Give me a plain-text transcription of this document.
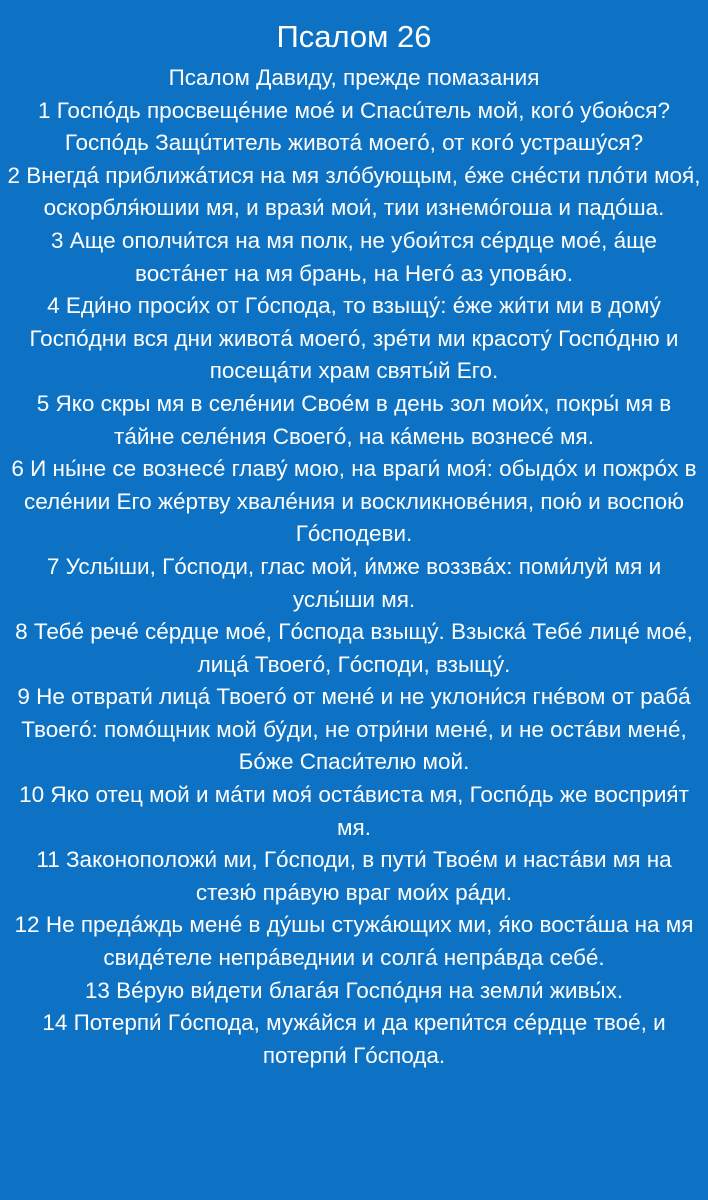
Псалом 26

Псалом Давиду, прежде помазания

1 Госпóдь просвещéние моé и Спасúтель мой, когó убою́ся? Госпóдь Защúтитель животá моегó, от когó устрашу́ся?

2 Внегдá приближáтися на мя злóбующым, éже снéсти плóти моя́, оскорбля́юшии мя, и врази́ мои́, тии изнемóгоша и падóша.

3 Аще ополчи́тся на мя полк, не убои́тся сéрдце моé, áще востáнет на мя брань, на Негó аз уповáю.

4 Еди́но проси́х от Гóспода, то взыщу́: éже жи́ти ми в дому́ Госпóдни вся дни животá моегó, зрéти ми красоту́ Госпóдню и посещáти храм святы́й Его.

5 Яко скры мя в селéнии Своéм в день зол мои́х, покры́ мя в тáйне селéния Своегó, на кáмень вознесé мя.

6 И ны́не се вознесé главу́ мою, на враги́ моя́: обыдóх и пожрóх в селéнии Его жéртву хвалéния и воскликновéния, пою́ и воспою́ Гóсподеви.

7 Услы́ши, Гóсподи, глас мой, и́мже воззвáх: поми́луй мя и услы́ши мя.

8 Тебé речé сéрдце моé, Гóспода взыщу́. Взыскá Тебé лицé моé, лицá Твоегó, Гóсподи, взыщу́.

9 Не отврати́ лицá Твоегó от менé и не уклони́ся гнéвом от рабá Твоегó: помóщник мой бу́ди, не отри́ни менé, и не остáви менé, Бóже Спаси́телю мой.

10 Яко отец мой и мáти моя́ остáвиста мя, Госпóдь же восприя́т мя.

11 Законоположи́ ми, Гóсподи, в пути́ Твоéм и настáви мя на стезю́ прáвую враг мои́х рáди.

12 Не предáждь менé в ду́шы стужáющих ми, я́ко востáша на мя свидéтеле непрáведнии и солгá непрáвда себé.

13 Вéрую ви́дети благáя Госпóдня на земли́ живы́х.

14 Потерпи́ Гóспода, мужáйся и да крепи́тся сéрдце твоé, и потерпи́ Гóспода.
